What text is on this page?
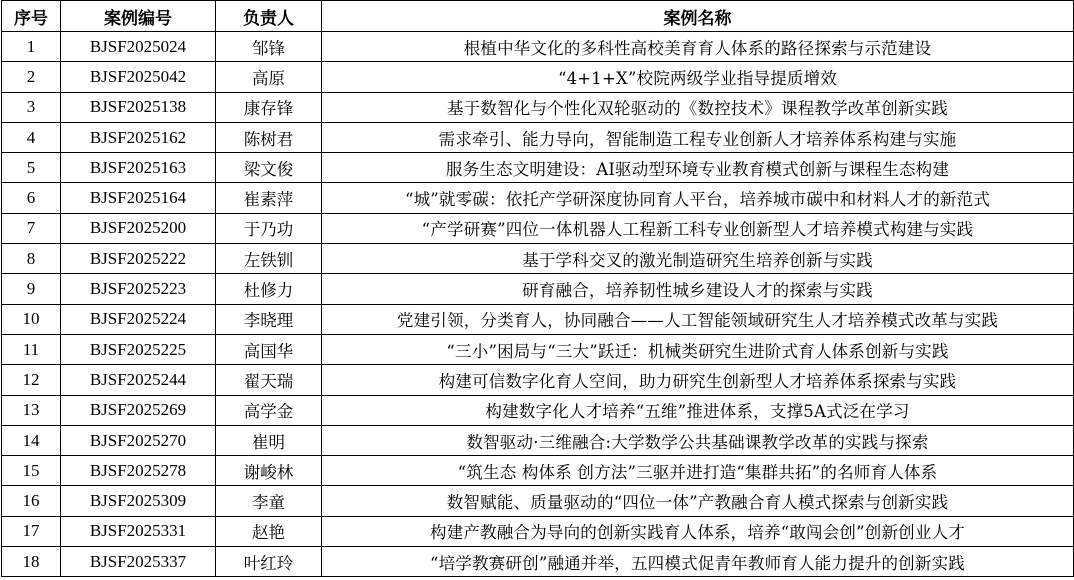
序号	案例编号	负责人	案例名称
1	BJSF2025024	邹锋	根植中华文化的多科性高校美育育人体系的路径探索与示范建设
2	BJSF2025042	高原	“4+1+X”校院两级学业指导提质增效
3	BJSF2025138	康存锋	基于数智化与个性化双轮驱动的《数控技术》课程教学改革创新实践
4	BJSF2025162	陈树君	需求牵引、能力导向，智能制造工程专业创新人才培养体系构建与实施
5	BJSF2025163	梁文俊	服务生态文明建设：AI驱动型环境专业教育模式创新与课程生态构建
6	BJSF2025164	崔素萍	“城”就零碳：依托产学研深度协同育人平台，培养城市碳中和材料人才的新范式
7	BJSF2025200	于乃功	“产学研赛”四位一体机器人工程新工科专业创新型人才培养模式构建与实践
8	BJSF2025222	左铁钏	基于学科交叉的激光制造研究生培养创新与实践
9	BJSF2025223	杜修力	研育融合，培养韧性城乡建设人才的探索与实践
10	BJSF2025224	李晓理	党建引领，分类育人，协同融合——人工智能领域研究生人才培养模式改革与实践
11	BJSF2025225	高国华	“三小”困局与“三大”跃迁：机械类研究生进阶式育人体系创新与实践
12	BJSF2025244	翟天瑞	构建可信数字化育人空间，助力研究生创新型人才培养体系探索与实践
13	BJSF2025269	高学金	构建数字化人才培养“五维”推进体系，支撑5A式泛在学习
14	BJSF2025270	崔明	数智驱动·三维融合:大学数学公共基础课教学改革的实践与探索
15	BJSF2025278	谢峻林	“筑生态 构体系 创方法”三驱并进打造“集群共拓”的名师育人体系
16	BJSF2025309	李童	数智赋能、质量驱动的“四位一体”产教融合育人模式探索与创新实践
17	BJSF2025331	赵艳	构建产教融合为导向的创新实践育人体系，培养“敢闯会创”创新创业人才
18	BJSF2025337	叶红玲	“培学教赛研创”融通并举，五四模式促青年教师育人能力提升的创新实践
